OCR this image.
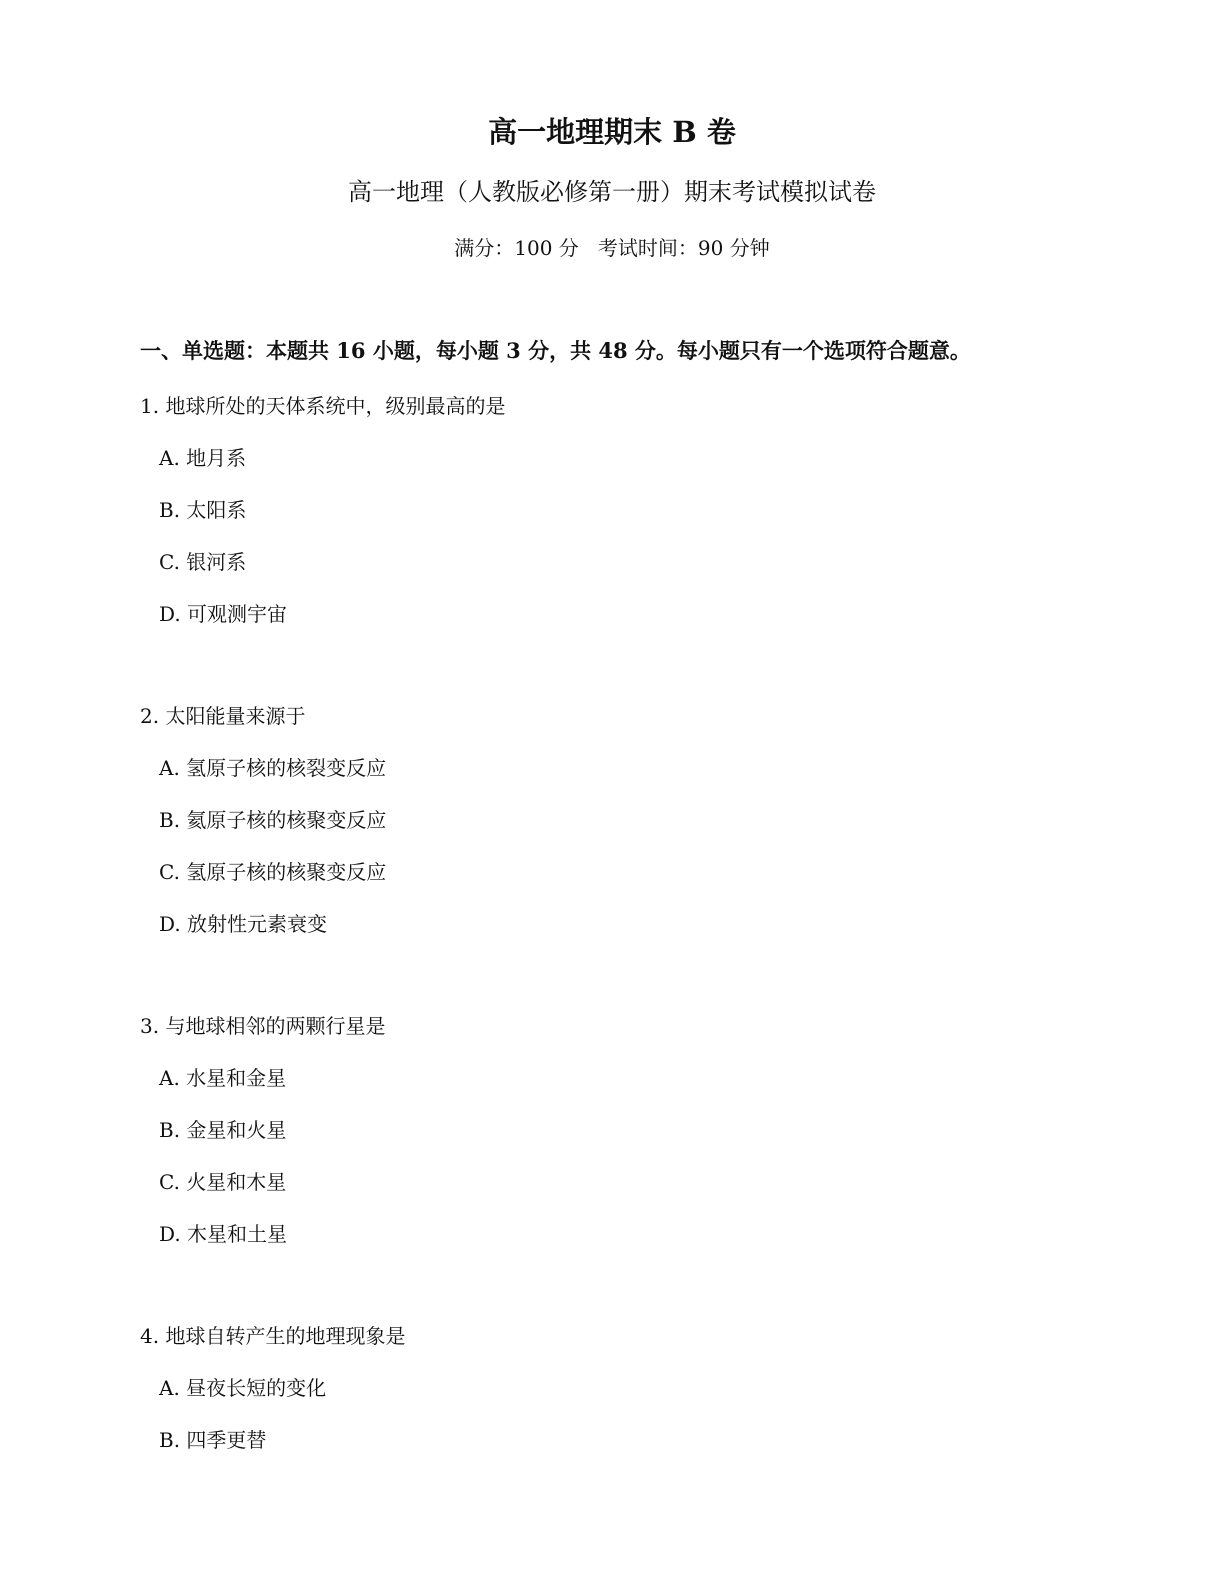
高一地理期末 B 卷
高一地理（人教版必修第一册）期末考试模拟试卷
满分：100 分 考试时间：90 分钟
一、单选题：本题共 16 小题，每小题 3 分，共 48 分。每小题只有一个选项符合题意。
1. 地球所处的天体系统中，级别最高的是
A. 地月系
B. 太阳系
C. 银河系
D. 可观测宇宙
2. 太阳能量来源于
A. 氢原子核的核裂变反应
B. 氦原子核的核聚变反应
C. 氢原子核的核聚变反应
D. 放射性元素衰变
3. 与地球相邻的两颗行星是
A. 水星和金星
B. 金星和火星
C. 火星和木星
D. 木星和土星
4. 地球自转产生的地理现象是
A. 昼夜长短的变化
B. 四季更替
